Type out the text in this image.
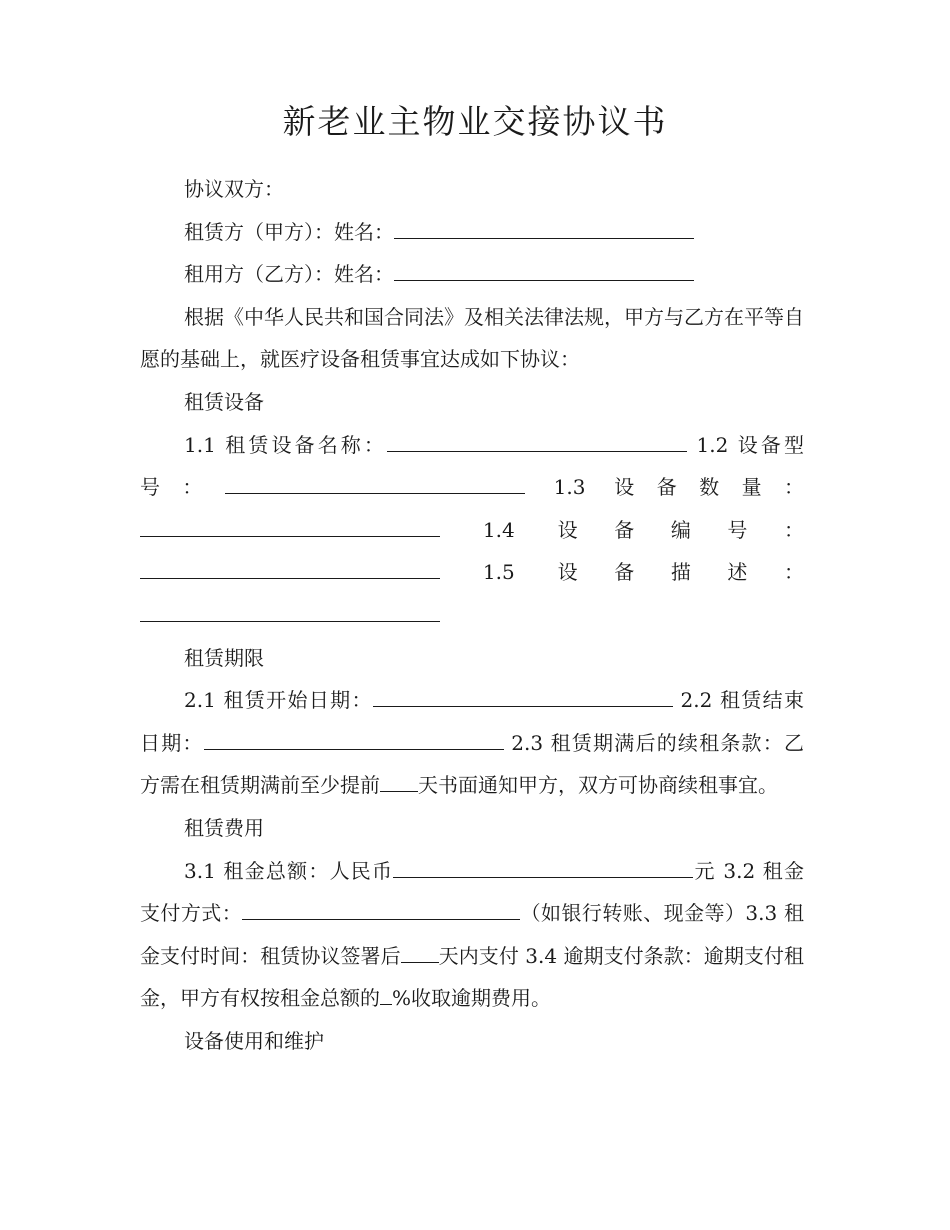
新老业主物业交接协议书

协议双方：

租赁方（甲方）：姓名：

租用方（乙方）：姓名：

根据《中华人民共和国合同法》及相关法律法规，甲方与乙方在平等自愿的基础上，就医疗设备租赁事宜达成如下协议：

租赁设备

1.1 租赁设备名称：	1.2 设备型号：	1.3 设备数量： 1.4 设备编号： 1.5 设备描述：

租赁期限

2.1 租赁开始日期：	2.2 租赁结束日期：	2.3 租赁期满后的续租条款：乙方需在租赁期满前至少提前 天书面通知甲方，双方可协商续租事宜。

租赁费用

3.1 租金总额：人民币	元 3.2 租金支付方式：	（如银行转账、现金等）3.3 租金支付时间：租赁协议签署后 天内支付 3.4 逾期支付条款：逾期支付租金，甲方有权按租金总额的 %收取逾期费用。

设备使用和维护
